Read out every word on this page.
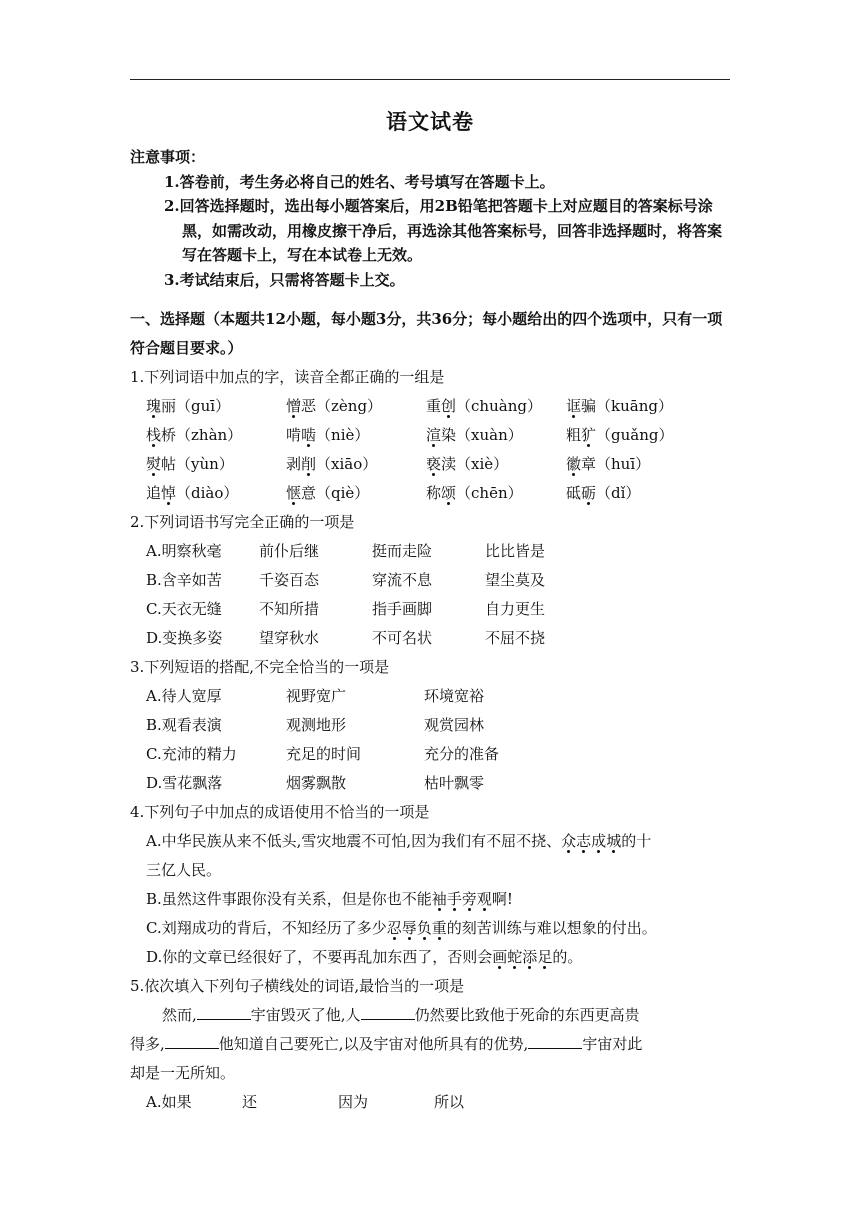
语文试卷
注意事项：
1.答卷前，考生务必将自己的姓名、考号填写在答题卡上。
2.回答选择题时，选出每小题答案后，用2B铅笔把答题卡上对应题目的答案标号涂黑，如需改动，用橡皮擦干净后，再选涂其他答案标号，回答非选择题时，将答案写在答题卡上，写在本试卷上无效。
3.考试结束后，只需将答题卡上交。
一、选择题（本题共12小题，每小题3分，共36分；每小题给出的四个选项中，只有一项符合题目要求。）
1.下列词语中加点的字，读音全都正确的一组是
瑰丽（guī）	憎恶（zèng）	重创（chuàng）	诓骗（kuāng）
栈桥（zhàn）	啃啮（niè）	渲染（xuàn）	粗犷（guǎng）
熨帖（yùn）	剥削（xiāo）	亵渎（xiè）	徽章（huī）
追悼（diào）	惬意（qiè）	称颂（chēn）	砥砺（dǐ）
2.下列词语书写完全正确的一项是
A.明察秋毫	前仆后继	挺而走险	比比皆是
B.含辛如苦	千姿百态	穿流不息	望尘莫及
C.天衣无缝	不知所措	指手画脚	自力更生
D.变换多姿	望穿秋水	不可名状	不屈不挠
3.下列短语的搭配,不完全恰当的一项是
A.待人宽厚	视野宽广	环境宽裕
B.观看表演	观测地形	观赏园林
C.充沛的精力	充足的时间	充分的准备
D.雪花飘落	烟雾飘散	枯叶飘零
4.下列句子中加点的成语使用不恰当的一项是
A.中华民族从来不低头,雪灾地震不可怕,因为我们有不屈不挠、众志成城的十
三亿人民。
B.虽然这件事跟你没有关系，但是你也不能袖手旁观啊!
C.刘翔成功的背后，不知经历了多少忍辱负重的刻苦训练与难以想象的付出。
D.你的文章已经很好了，不要再乱加东西了，否则会画蛇添足的。
5.依次填入下列句子横线处的词语,最恰当的一项是
然而,	宇宙毁灭了他,人	仍然要比致他于死命的东西更高贵
得多,	他知道自己要死亡,以及宇宙对他所具有的优势,	宇宙对此
却是一无所知。
A.如果	还	因为	所以
